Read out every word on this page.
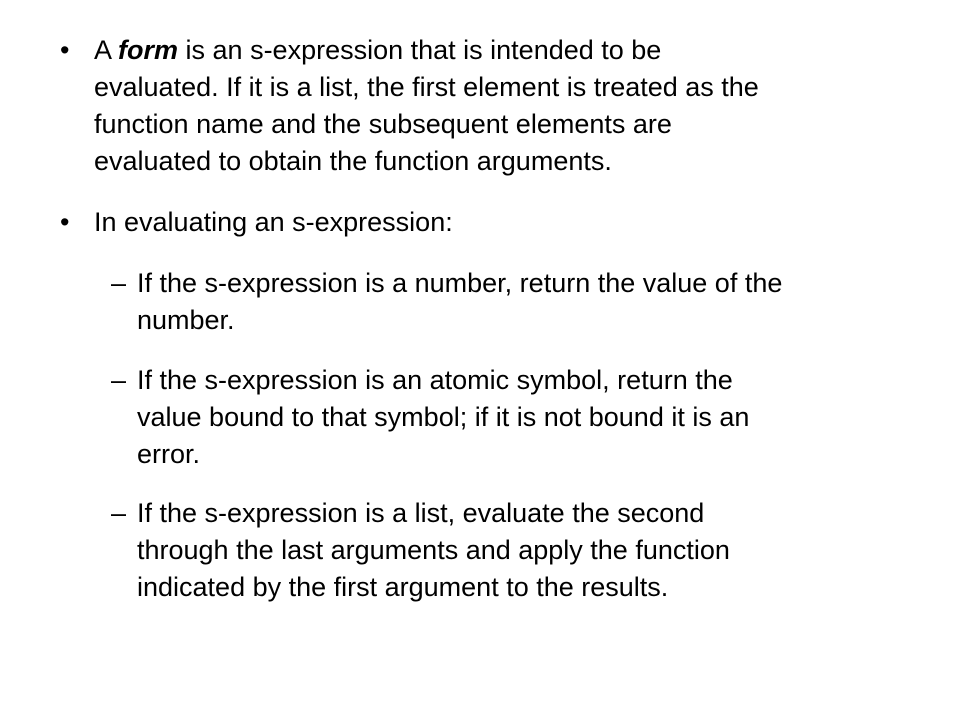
• A form is an s-expression that is intended to be
evaluated. If it is a list, the first element is treated as the
function name and the subsequent elements are
evaluated to obtain the function arguments.
• In evaluating an s-expression:
– If the s-expression is a number, return the value of the
number.
– If the s-expression is an atomic symbol, return the
value bound to that symbol; if it is not bound it is an
error.
– If the s-expression is a list, evaluate the second
through the last arguments and apply the function
indicated by the first argument to the results.
